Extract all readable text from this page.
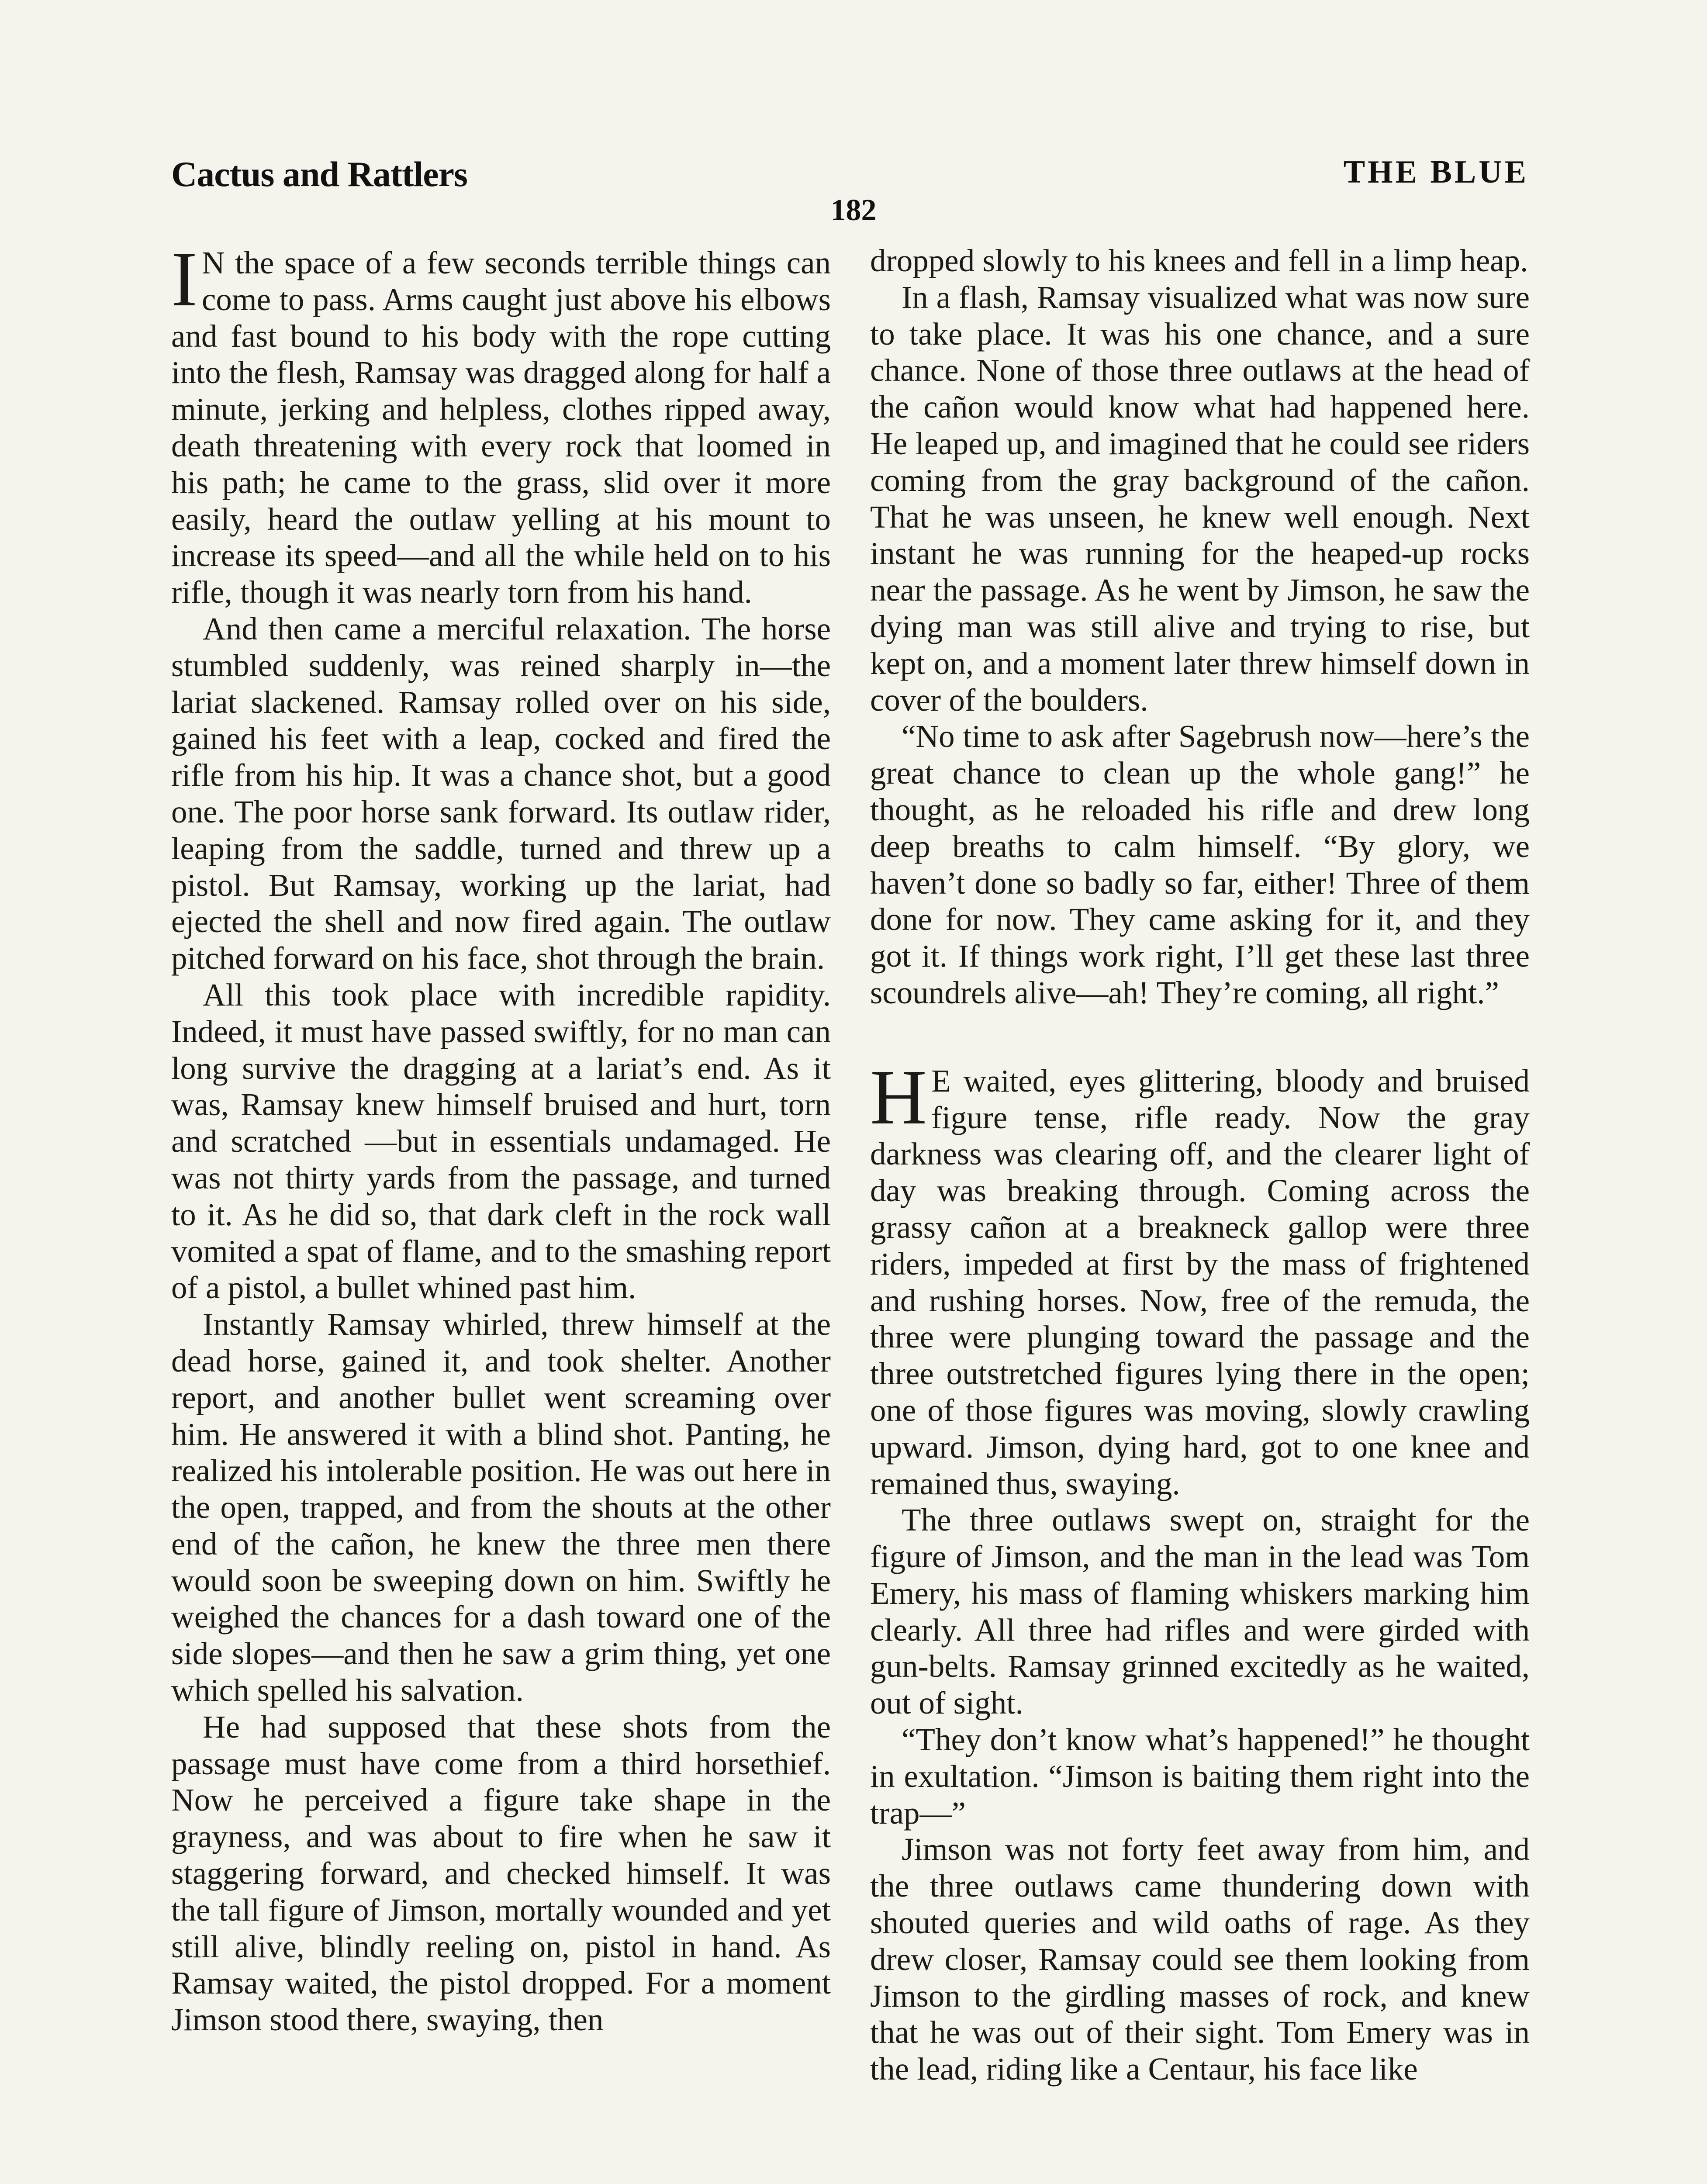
Cactus and Rattlers	THE BLUE
182

I N the space of a few seconds terrible things can come to pass. Arms caught just above his elbows and fast bound to his body with the rope cutting into the flesh, Ramsay was dragged along for half a minute, jerking and helpless, clothes ripped away, death threatening with every rock that loomed in his path; he came to the grass, slid over it more easily, heard the outlaw yelling at his mount to increase its speed—and all the while held on to his rifle, though it was nearly torn from his hand.

And then came a merciful relaxation. The horse stumbled suddenly, was reined sharply in—the lariat slackened. Ramsay rolled over on his side, gained his feet with a leap, cocked and fired the rifle from his hip. It was a chance shot, but a good one. The poor horse sank forward. Its outlaw rider, leaping from the saddle, turned and threw up a pistol. But Ramsay, working up the lariat, had ejected the shell and now fired again. The outlaw pitched forward on his face, shot through the brain.

All this took place with incredible rapidity. Indeed, it must have passed swiftly, for no man can long survive the dragging at a lariat’s end. As it was, Ramsay knew himself bruised and hurt, torn and scratched —but in essentials undamaged. He was not thirty yards from the passage, and turned to it. As he did so, that dark cleft in the rock wall vomited a spat of flame, and to the smashing report of a pistol, a bullet whined past him.

Instantly Ramsay whirled, threw himself at the dead horse, gained it, and took shelter. Another report, and another bullet went screaming over him. He answered it with a blind shot. Panting, he realized his intolerable position. He was out here in the open, trapped, and from the shouts at the other end of the cañon, he knew the three men there would soon be sweeping down on him. Swiftly he weighed the chances for a dash toward one of the side slopes—and then he saw a grim thing, yet one which spelled his salvation.

He had supposed that these shots from the passage must have come from a third horsethief. Now he perceived a figure take shape in the grayness, and was about to fire when he saw it staggering forward, and checked himself. It was the tall figure of Jimson, mortally wounded and yet still alive, blindly reeling on, pistol in hand. As Ramsay waited, the pistol dropped. For a moment Jimson stood there, swaying, then

dropped slowly to his knees and fell in a limp heap.

In a flash, Ramsay visualized what was now sure to take place. It was his one chance, and a sure chance. None of those three outlaws at the head of the cañon would know what had happened here. He leaped up, and imagined that he could see riders coming from the gray background of the cañon. That he was unseen, he knew well enough. Next instant he was running for the heaped-up rocks near the passage. As he went by Jimson, he saw the dying man was still alive and trying to rise, but kept on, and a moment later threw himself down in cover of the boulders.

“No time to ask after Sagebrush now—here’s the great chance to clean up the whole gang!” he thought, as he reloaded his rifle and drew long deep breaths to calm himself. “By glory, we haven’t done so badly so far, either! Three of them done for now. They came asking for it, and they got it. If things work right, I’ll get these last three scoundrels alive—ah! They’re coming, all right.”

H E waited, eyes glittering, bloody and bruised figure tense, rifle ready. Now the gray darkness was clearing off, and the clearer light of day was breaking through. Coming across the grassy cañon at a breakneck gallop were three riders, impeded at first by the mass of frightened and rushing horses. Now, free of the remuda, the three were plunging toward the passage and the three outstretched figures lying there in the open; one of those figures was moving, slowly crawling upward. Jimson, dying hard, got to one knee and remained thus, swaying.

The three outlaws swept on, straight for the figure of Jimson, and the man in the lead was Tom Emery, his mass of flaming whiskers marking him clearly. All three had rifles and were girded with gun-belts. Ramsay grinned excitedly as he waited, out of sight.

“They don’t know what’s happened!” he thought in exultation. “Jimson is baiting them right into the trap—”

Jimson was not forty feet away from him, and the three outlaws came thundering down with shouted queries and wild oaths of rage. As they drew closer, Ramsay could see them looking from Jimson to the girdling masses of rock, and knew that he was out of their sight. Tom Emery was in the lead, riding like a Centaur, his face like
